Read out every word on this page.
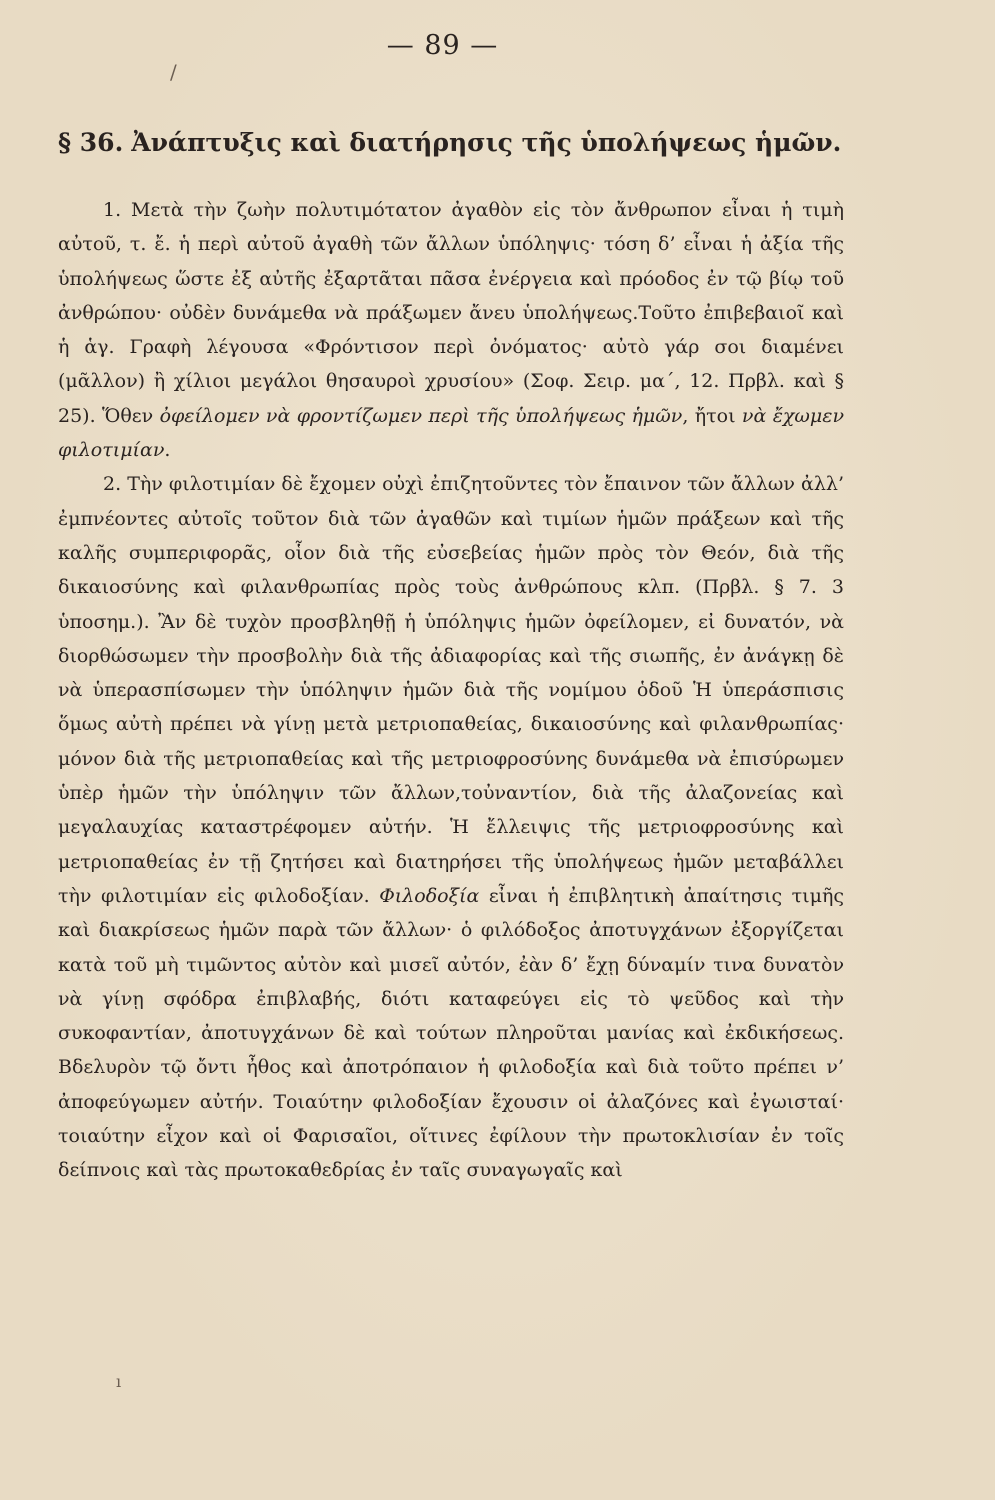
— 89 —
/
§ 36. Ἀνάπτυξις καὶ διατήρησις τῆς ὑπολήψεως ἡμῶν.

1. Μετὰ τὴν ζωὴν πολυτιμότατον ἀγαθὸν εἰς τὸν ἄνθρωπον εἶναι ἡ τιμὴ αὐτοῦ, τ. ἔ. ἡ περὶ αὐτοῦ ἀγαθὴ τῶν ἄλλων ὑπόληψις· τόση δ’ εἶναι ἡ ἀξία τῆς ὑπολήψεως ὥστε ἐξ αὐτῆς ἐξαρτᾶται πᾶσα ἐνέργεια καὶ πρόοδος ἐν τῷ βίῳ τοῦ ἀνθρώπου· οὐδὲν δυνάμεθα νὰ πράξωμεν ἄνευ ὑπολήψεως.Τοῦτο ἐπιβεβαιοῖ καὶ ἡ ἁγ. Γραφὴ λέγουσα «Φρόντισον περὶ ὀνόματος· αὐτὸ γάρ σοι διαμένει (μᾶλλον) ἢ χίλιοι μεγάλοι θησαυροὶ χρυσίου» (Σοφ. Σειρ. μα΄, 12. Πρβλ. καὶ § 25). Ὅθεν ὀφείλομεν νὰ φροντίζωμεν περὶ τῆς ὑπολήψεως ἡμῶν, ἤτοι νὰ ἔχωμεν φιλοτιμίαν.

2. Τὴν φιλοτιμίαν δὲ ἔχομεν οὐχὶ ἐπιζητοῦντες τὸν ἔπαινον τῶν ἄλλων ἀλλ’ ἐμπνέοντες αὐτοῖς τοῦτον διὰ τῶν ἀγαθῶν καὶ τιμίων ἡμῶν πράξεων καὶ τῆς καλῆς συμπεριφορᾶς, οἷον διὰ τῆς εὐσεβείας ἡμῶν πρὸς τὸν Θεόν, διὰ τῆς δικαιοσύνης καὶ φιλανθρωπίας πρὸς τοὺς ἀνθρώπους κλπ. (Πρβλ. § 7. 3 ὑποσημ.). Ἂν δὲ τυχὸν προσβληθῇ ἡ ὑπόληψις ἡμῶν ὀφείλομεν, εἰ δυνατόν, νὰ διορθώσωμεν τὴν προσβολὴν διὰ τῆς ἀδιαφορίας καὶ τῆς σιωπῆς, ἐν ἀνάγκῃ δὲ νὰ ὑπερασπίσωμεν τὴν ὑπόληψιν ἡμῶν διὰ τῆς νομίμου ὁδοῦ Ἡ ὑπεράσπισις ὅμως αὐτὴ πρέπει νὰ γίνῃ μετὰ μετριοπαθείας, δικαιοσύνης καὶ φιλανθρωπίας· μόνον διὰ τῆς μετριοπαθείας καὶ τῆς μετριοφροσύνης δυνάμεθα νὰ ἐπισύρωμεν ὑπὲρ ἡμῶν τὴν ὑπόληψιν τῶν ἄλλων,τοὐναντίον, διὰ τῆς ἀλαζονείας καὶ μεγαλαυχίας καταστρέφομεν αὐτήν. Ἡ ἔλλειψις τῆς μετριοφροσύνης καὶ μετριοπαθείας ἐν τῇ ζητήσει καὶ διατηρήσει τῆς ὑπολήψεως ἡμῶν μεταβάλλει τὴν φιλοτιμίαν εἰς φιλοδοξίαν. Φιλοδοξία εἶναι ἡ ἐπιβλητικὴ ἀπαίτησις τιμῆς καὶ διακρίσεως ἡμῶν παρὰ τῶν ἄλλων· ὁ φιλόδοξος ἀποτυγχάνων ἐξοργίζεται κατὰ τοῦ μὴ τιμῶντος αὐτὸν καὶ μισεῖ αὐτόν, ἐὰν δ’ ἔχῃ δύναμίν τινα δυνατὸν νὰ γίνῃ σφόδρα ἐπιβλαβής, διότι καταφεύγει εἰς τὸ ψεῦδος καὶ τὴν συκοφαντίαν, ἀποτυγχάνων δὲ καὶ τούτων πληροῦται μανίας καὶ ἐκδικήσεως. Βδελυρὸν τῷ ὄντι ἦθος καὶ ἀποτρόπαιον ἡ φιλοδοξία καὶ διὰ τοῦτο πρέπει ν’ ἀποφεύγωμεν αὐτήν. Τοιαύτην φιλοδοξίαν ἔχουσιν οἱ ἀλαζόνες καὶ ἐγωισταί· τοιαύτην εἶχον καὶ οἱ Φαρισαῖοι, οἵτινες ἐφίλουν τὴν πρωτοκλισίαν ἐν τοῖς δείπνοις καὶ τὰς πρωτοκαθεδρίας ἐν ταῖς συναγωγαῖς καὶ

ı
